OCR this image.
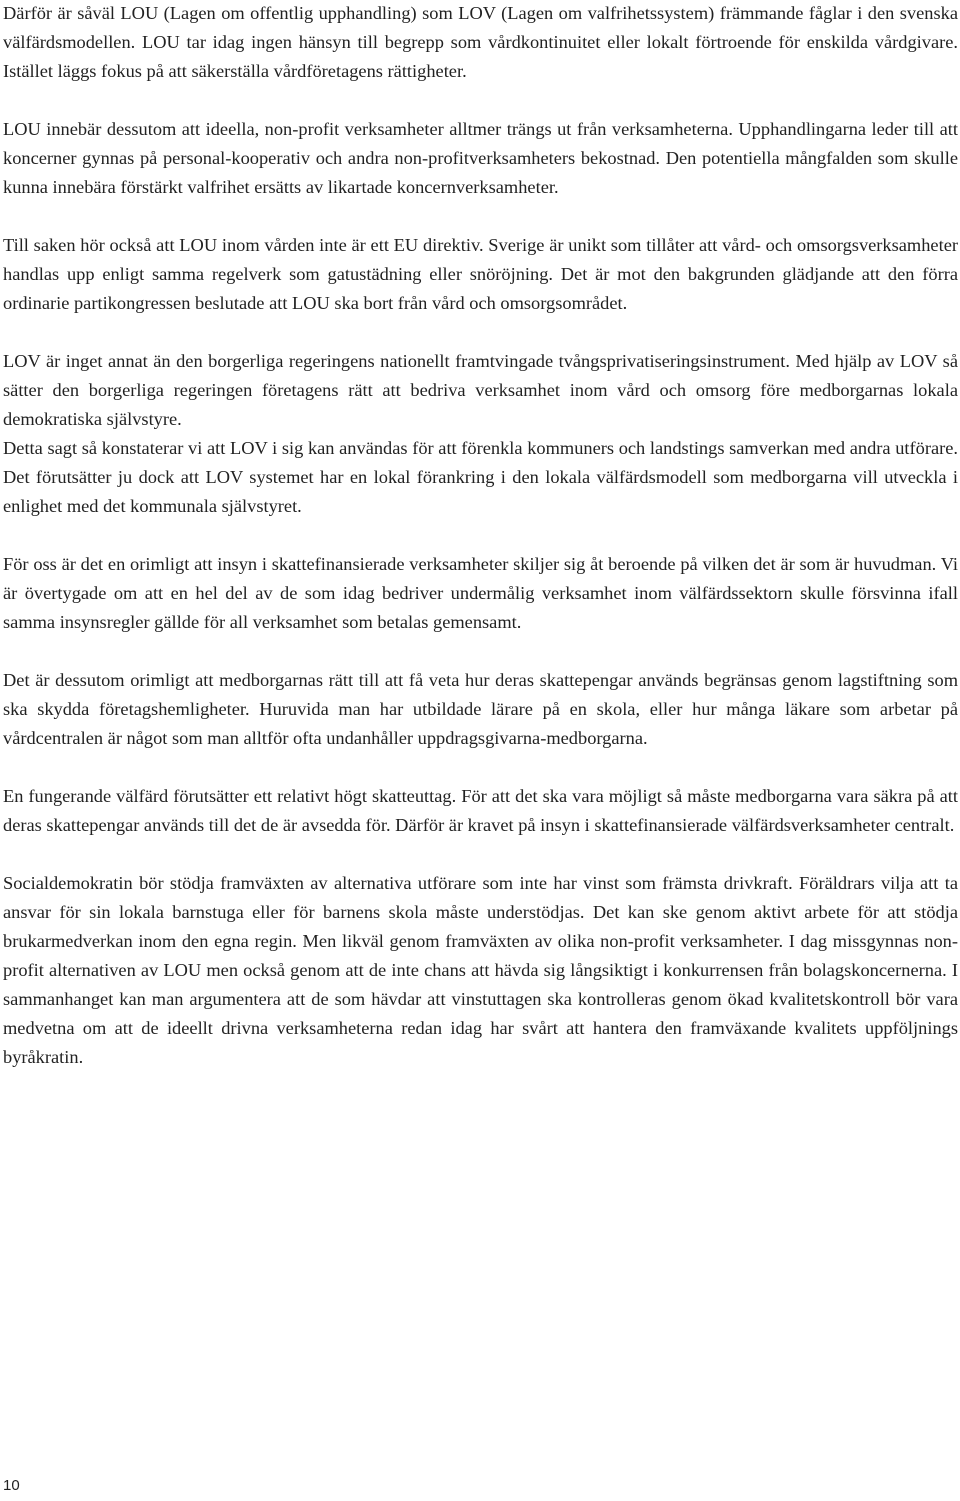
Därför är såväl LOU (Lagen om offentlig upphandling) som LOV (Lagen om valfrihetssystem) främmande fåglar i den svenska välfärdsmodellen. LOU tar idag ingen hänsyn till begrepp som vårdkontinuitet eller lokalt förtroende för enskilda vårdgivare. Istället läggs fokus på att säkerställa vårdföretagens rättigheter.

LOU innebär dessutom att ideella, non-profit verksamheter alltmer trängs ut från verksamheterna. Upphandlingarna leder till att koncerner gynnas på personal-kooperativ och andra non-profitverksamheters bekostnad. Den potentiella mångfalden som skulle kunna innebära förstärkt valfrihet ersätts av likartade koncernverksamheter.

Till saken hör också att LOU inom vården inte är ett EU direktiv. Sverige är unikt som tillåter att vård- och omsorgsverksamheter handlas upp enligt samma regelverk som gatustädning eller snöröjning. Det är mot den bakgrunden glädjande att den förra ordinarie partikongressen beslutade att LOU ska bort från vård och omsorgsområdet.

LOV är inget annat än den borgerliga regeringens nationellt framtvingade tvångsprivatiseringsinstrument. Med hjälp av LOV så sätter den borgerliga regeringen företagens rätt att bedriva verksamhet inom vård och omsorg före medborgarnas lokala demokratiska självstyre.

Detta sagt så konstaterar vi att LOV i sig kan användas för att förenkla kommuners och landstings samverkan med andra utförare. Det förutsätter ju dock att LOV systemet har en lokal förankring i den lokala välfärdsmodell som medborgarna vill utveckla i enlighet med det kommunala självstyret.

För oss är det en orimligt att insyn i skattefinansierade verksamheter skiljer sig åt beroende på vilken det är som är huvudman. Vi är övertygade om att en hel del av de som idag bedriver undermålig verksamhet inom välfärdssektorn skulle försvinna ifall samma insynsregler gällde för all verksamhet som betalas gemensamt.

Det är dessutom orimligt att medborgarnas rätt till att få veta hur deras skattepengar används begränsas genom lagstiftning som ska skydda företagshemligheter. Huruvida man har utbildade lärare på en skola, eller hur många läkare som arbetar på vårdcentralen är något som man alltför ofta undanhåller uppdragsgivarna-medborgarna.

En fungerande välfärd förutsätter ett relativt högt skatteuttag. För att det ska vara möjligt så måste medborgarna vara säkra på att deras skattepengar används till det de är avsedda för. Därför är kravet på insyn i skattefinansierade välfärdsverksamheter centralt.

Socialdemokratin bör stödja framväxten av alternativa utförare som inte har vinst som främsta drivkraft. Föräldrars vilja att ta ansvar för sin lokala barnstuga eller för barnens skola måste understödjas. Det kan ske genom aktivt arbete för att stödja brukarmedverkan inom den egna regin. Men likväl genom framväxten av olika non-profit verksamheter. I dag missgynnas non-profit alternativen av LOU men också genom att de inte chans att hävda sig långsiktigt i konkurrensen från bolagskoncernerna. I sammanhanget kan man argumentera att de som hävdar att vinstuttagen ska kontrolleras genom ökad kvalitetskontroll bör vara medvetna om att de ideellt drivna verksamheterna redan idag har svårt att hantera den framväxande kvalitets uppföljnings byråkratin.

10
